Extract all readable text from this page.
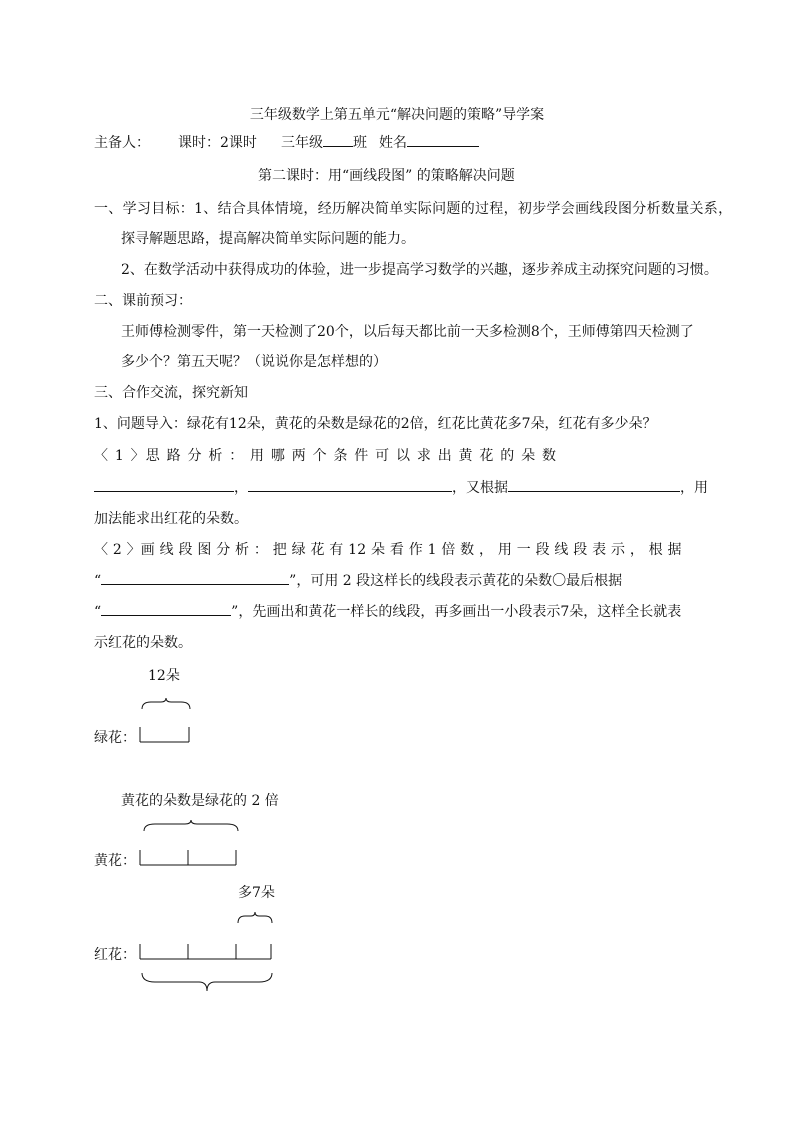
三年级数学上第五单元“解决问题的策略”导学案
主备人： 课时：2课时 三年级 班 姓名
第二课时：用“画线段图” 的策略解决问题
一、学习目标：1、结合具体情境，经历解决简单实际问题的过程，初步学会画线段图分析数量关系，
探寻解题思路，提高解决简单实际问题的能力。
2、在数学活动中获得成功的体验，进一步提高学习数学的兴趣，逐步养成主动探究问题的习惯。
二、课前预习：
王师傅检测零件，第一天检测了20个，以后每天都比前一天多检测8个，王师傅第四天检测了
多少个？第五天呢？（说说你是怎样想的）
三、合作交流，探究新知
1、问题导入：绿花有12朵，黄花的朵数是绿花的2倍，红花比黄花多7朵，红花有多少朵？
〈 1 〉思 路 分 析 ： 用 哪 两 个 条 件 可 以 求 出 黄 花 的 朵 数
，	，又根据	，用
加法能求出红花的朵数。
〈 2 〉画 线 段 图 分 析 ： 把 绿 花 有 12 朵 看 作 1 倍 数 ， 用 一 段 线 段 表 示 ， 根 据
“	”，可用 2 段这样长的线段表示黄花的朵数〇最后根据
“	”，先画出和黄花一样长的线段，再多画出一小段表示7朵，这样全长就表
示红花的朵数。
12朵
绿花：
黄花的朵数是绿花的 2 倍
黄花：
多7朵
红花：
